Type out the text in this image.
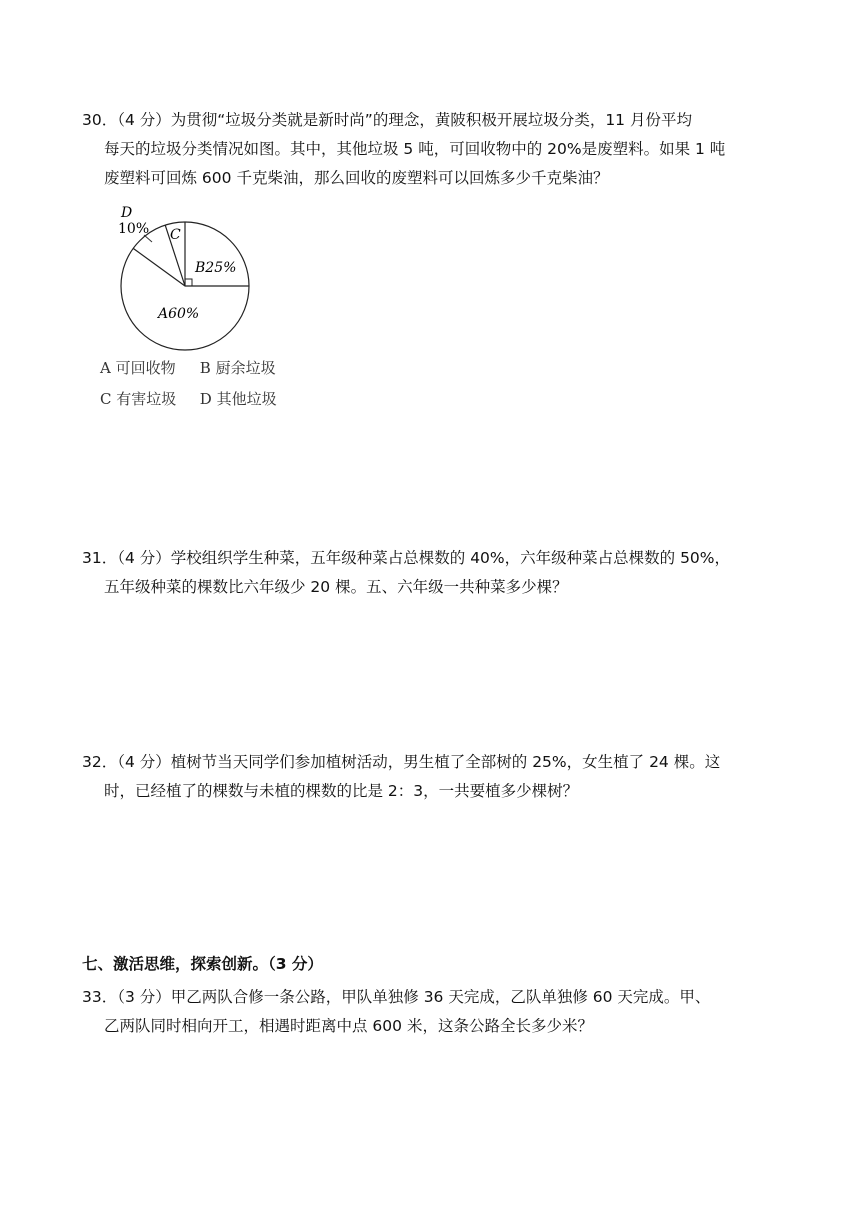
30．（4 分）为贯彻“垃圾分类就是新时尚”的理念，黄陂积极开展垃圾分类，11 月份平均
每天的垃圾分类情况如图。其中，其他垃圾 5 吨，可回收物中的 20%是废塑料。如果 1 吨
废塑料可回炼 600 千克柴油，那么回收的废塑料可以回炼多少千克柴油？
A60%
B25%
C
D
10%
A 可回收物 B 厨余垃圾
C 有害垃圾 D 其他垃圾
31．（4 分）学校组织学生种菜，五年级种菜占总棵数的 40%，六年级种菜占总棵数的 50%，
五年级种菜的棵数比六年级少 20 棵。五、六年级一共种菜多少棵？
32．（4 分）植树节当天同学们参加植树活动，男生植了全部树的 25%，女生植了 24 棵。这
时，已经植了的棵数与未植的棵数的比是 2：3，一共要植多少棵树？
七、激活思维，探索创新。（3 分）
33．（3 分）甲乙两队合修一条公路，甲队单独修 36 天完成，乙队单独修 60 天完成。甲、
乙两队同时相向开工，相遇时距离中点 600 米，这条公路全长多少米？
